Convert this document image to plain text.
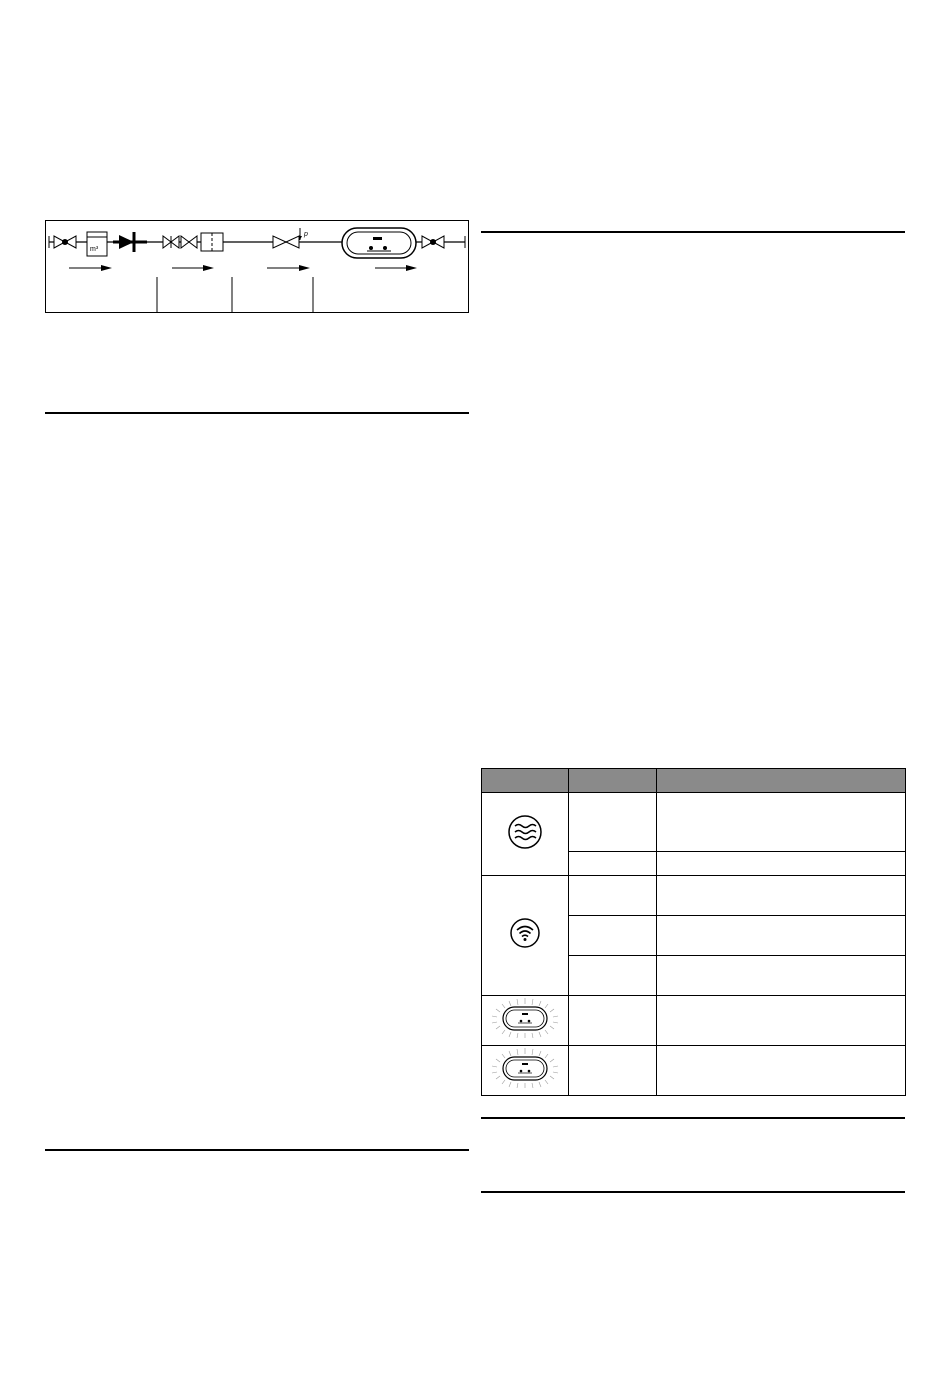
m³
p
